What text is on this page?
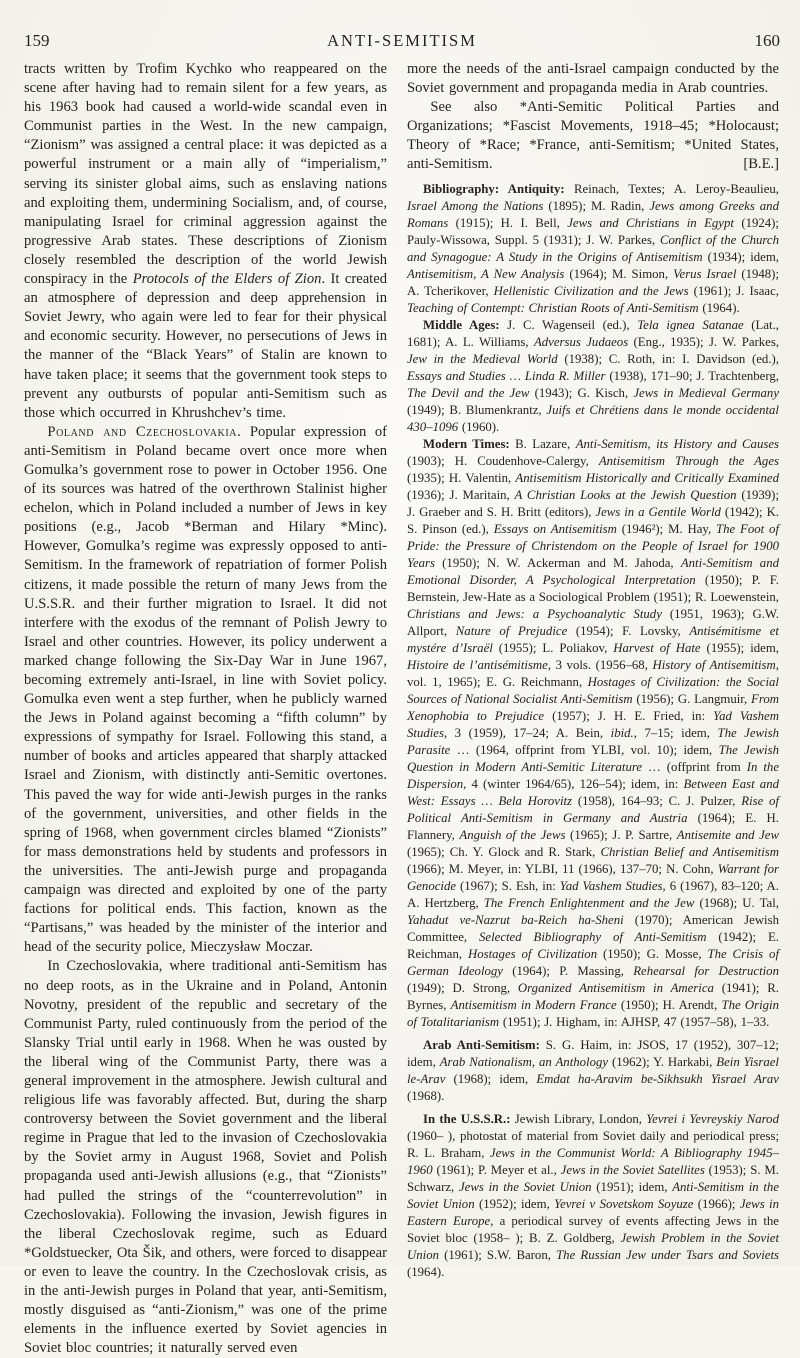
159	ANTI-SEMITISM	160

tracts written by Trofim Kychko who reappeared on the scene after having had to remain silent for a few years, as his 1963 book had caused a world-wide scandal even in Communist parties in the West. In the new campaign, “Zionism” was assigned a central place: it was depicted as a powerful instrument or a main ally of “imperialism,” serving its sinister global aims, such as enslaving nations and exploiting them, undermining Socialism, and, of course, manipulating Israel for criminal aggression against the progressive Arab states. These descriptions of Zionism closely resembled the description of the world Jewish conspiracy in the Protocols of the Elders of Zion. It created an atmosphere of depression and deep apprehension in Soviet Jewry, who again were led to fear for their physical and economic security. However, no persecutions of Jews in the manner of the “Black Years” of Stalin are known to have taken place; it seems that the government took steps to prevent any outbursts of popular anti-Semitism such as those which occurred in Khrushchev’s time.

Poland and Czechoslovakia. Popular expression of anti-Semitism in Poland became overt once more when Gomulka’s government rose to power in October 1956. One of its sources was hatred of the overthrown Stalinist higher echelon, which in Poland included a number of Jews in key positions (e.g., Jacob *Berman and Hilary *Minc). However, Gomulka’s regime was expressly opposed to anti-Semitism. In the framework of repatriation of former Polish citizens, it made possible the return of many Jews from the U.S.S.R. and their further migration to Israel. It did not interfere with the exodus of the remnant of Polish Jewry to Israel and other countries. However, its policy underwent a marked change following the Six-Day War in June 1967, becoming extremely anti-Israel, in line with Soviet policy. Gomulka even went a step further, when he publicly warned the Jews in Poland against becoming a “fifth column” by expressions of sympathy for Israel. Following this stand, a number of books and articles appeared that sharply attacked Israel and Zionism, with distinctly anti-Semitic overtones. This paved the way for wide anti-Jewish purges in the ranks of the government, universities, and other fields in the spring of 1968, when government circles blamed “Zionists” for mass demonstrations held by students and professors in the universities. The anti-Jewish purge and propaganda campaign was directed and exploited by one of the party factions for political ends. This faction, known as the “Partisans,” was headed by the minister of the interior and head of the security police, Mieczysław Moczar.

In Czechoslovakia, where traditional anti-Semitism has no deep roots, as in the Ukraine and in Poland, Antonin Novotny, president of the republic and secretary of the Communist Party, ruled continuously from the period of the Slansky Trial until early in 1968. When he was ousted by the liberal wing of the Communist Party, there was a general improvement in the atmosphere. Jewish cultural and religious life was favorably affected. But, during the sharp controversy between the Soviet government and the liberal regime in Prague that led to the invasion of Czechoslovakia by the Soviet army in August 1968, Soviet and Polish propaganda used anti-Jewish allusions (e.g., that “Zionists” had pulled the strings of the “counterrevolution” in Czechoslovakia). Following the invasion, Jewish figures in the liberal Czechoslovak regime, such as Eduard *Goldstuecker, Ota Šik, and others, were forced to disappear or even to leave the country. In the Czechoslovak crisis, as in the anti-Jewish purges in Poland that year, anti-Semitism, mostly disguised as “anti-Zionism,” was one of the prime elements in the influence exerted by Soviet agencies in Soviet bloc countries; it naturally served even

more the needs of the anti-Israel campaign conducted by the Soviet government and propaganda media in Arab countries.

See also *Anti-Semitic Political Parties and Organizations; *Fascist Movements, 1918–45; *Holocaust; Theory of *Race; *France, anti-Semitism; *United States, anti-Semitism.	[B.E.]

Bibliography: Antiquity: Reinach, Textes; A. Leroy-Beaulieu, Israel Among the Nations (1895); M. Radin, Jews among Greeks and Romans (1915); H. I. Bell, Jews and Christians in Egypt (1924); Pauly-Wissowa, Suppl. 5 (1931); J. W. Parkes, Conflict of the Church and Synagogue: A Study in the Origins of Antisemitism (1934); idem, Antisemitism, A New Analysis (1964); M. Simon, Verus Israel (1948); A. Tcherikover, Hellenistic Civilization and the Jews (1961); J. Isaac, Teaching of Contempt: Christian Roots of Anti-Semitism (1964).

Middle Ages: J. C. Wagenseil (ed.), Tela ignea Satanae (Lat., 1681); A. L. Williams, Adversus Judaeos (Eng., 1935); J. W. Parkes, Jew in the Medieval World (1938); C. Roth, in: I. Davidson (ed.), Essays and Studies … Linda R. Miller (1938), 171–90; J. Trachtenberg, The Devil and the Jew (1943); G. Kisch, Jews in Medieval Germany (1949); B. Blumenkrantz, Juifs et Chrétiens dans le monde occidental 430–1096 (1960).

Modern Times: B. Lazare, Anti-Semitism, its History and Causes (1903); H. Coudenhove-Calergy, Antisemitism Through the Ages (1935); H. Valentin, Antisemitism Historically and Critically Examined (1936); J. Maritain, A Christian Looks at the Jewish Question (1939); J. Graeber and S. H. Britt (editors), Jews in a Gentile World (1942); K. S. Pinson (ed.), Essays on Antisemitism (1946²); M. Hay, The Foot of Pride: the Pressure of Christendom on the People of Israel for 1900 Years (1950); N. W. Ackerman and M. Jahoda, Anti-Semitism and Emotional Disorder, A Psychological Interpretation (1950); P. F. Bernstein, Jew-Hate as a Sociological Problem (1951); R. Loewenstein, Christians and Jews: a Psychoanalytic Study (1951, 1963); G.W. Allport, Nature of Prejudice (1954); F. Lovsky, Antisémitisme et mystére d’Israël (1955); L. Poliakov, Harvest of Hate (1955); idem, Histoire de l’antisémitisme, 3 vols. (1956–68, History of Antisemitism, vol. 1, 1965); E. G. Reichmann, Hostages of Civilization: the Social Sources of National Socialist Anti-Semitism (1956); G. Langmuir, From Xenophobia to Prejudice (1957); J. H. E. Fried, in: Yad Vashem Studies, 3 (1959), 17–24; A. Bein, ibid., 7–15; idem, The Jewish Parasite … (1964, offprint from YLBI, vol. 10); idem, The Jewish Question in Modern Anti-Semitic Literature … (offprint from In the Dispersion, 4 (winter 1964/65), 126–54); idem, in: Between East and West: Essays … Bela Horovitz (1958), 164–93; C. J. Pulzer, Rise of Political Anti-Semitism in Germany and Austria (1964); E. H. Flannery, Anguish of the Jews (1965); J. P. Sartre, Antisemite and Jew (1965); Ch. Y. Glock and R. Stark, Christian Belief and Antisemitism (1966); M. Meyer, in: YLBI, 11 (1966), 137–70; N. Cohn, Warrant for Genocide (1967); S. Esh, in: Yad Vashem Studies, 6 (1967), 83–120; A. A. Hertzberg, The French Enlightenment and the Jew (1968); U. Tal, Yahadut ve-Nazrut ba-Reich ha-Sheni (1970); American Jewish Committee, Selected Bibliography of Anti-Semitism (1942); E. Reichman, Hostages of Civilization (1950); G. Mosse, The Crisis of German Ideology (1964); P. Massing, Rehearsal for Destruction (1949); D. Strong, Organized Antisemitism in America (1941); R. Byrnes, Antisemitism in Modern France (1950); H. Arendt, The Origin of Totalitarianism (1951); J. Higham, in: AJHSP, 47 (1957–58), 1–33.

Arab Anti-Semitism: S. G. Haim, in: JSOS, 17 (1952), 307–12; idem, Arab Nationalism, an Anthology (1962); Y. Harkabi, Bein Yisrael le-Arav (1968); idem, Emdat ha-Aravim be-Sikhsukh Yisrael Arav (1968).

In the U.S.S.R.: Jewish Library, London, Yevrei i Yevreyskiy Narod (1960– ), photostat of material from Soviet daily and periodical press; R. L. Braham, Jews in the Communist World: A Bibliography 1945–1960 (1961); P. Meyer et al., Jews in the Soviet Satellites (1953); S. M. Schwarz, Jews in the Soviet Union (1951); idem, Anti-Semitism in the Soviet Union (1952); idem, Yevrei v Sovetskom Soyuze (1966); Jews in Eastern Europe, a periodical survey of events affecting Jews in the Soviet bloc (1958– ); B. Z. Goldberg, Jewish Problem in the Soviet Union (1961); S.W. Baron, The Russian Jew under Tsars and Soviets (1964).
